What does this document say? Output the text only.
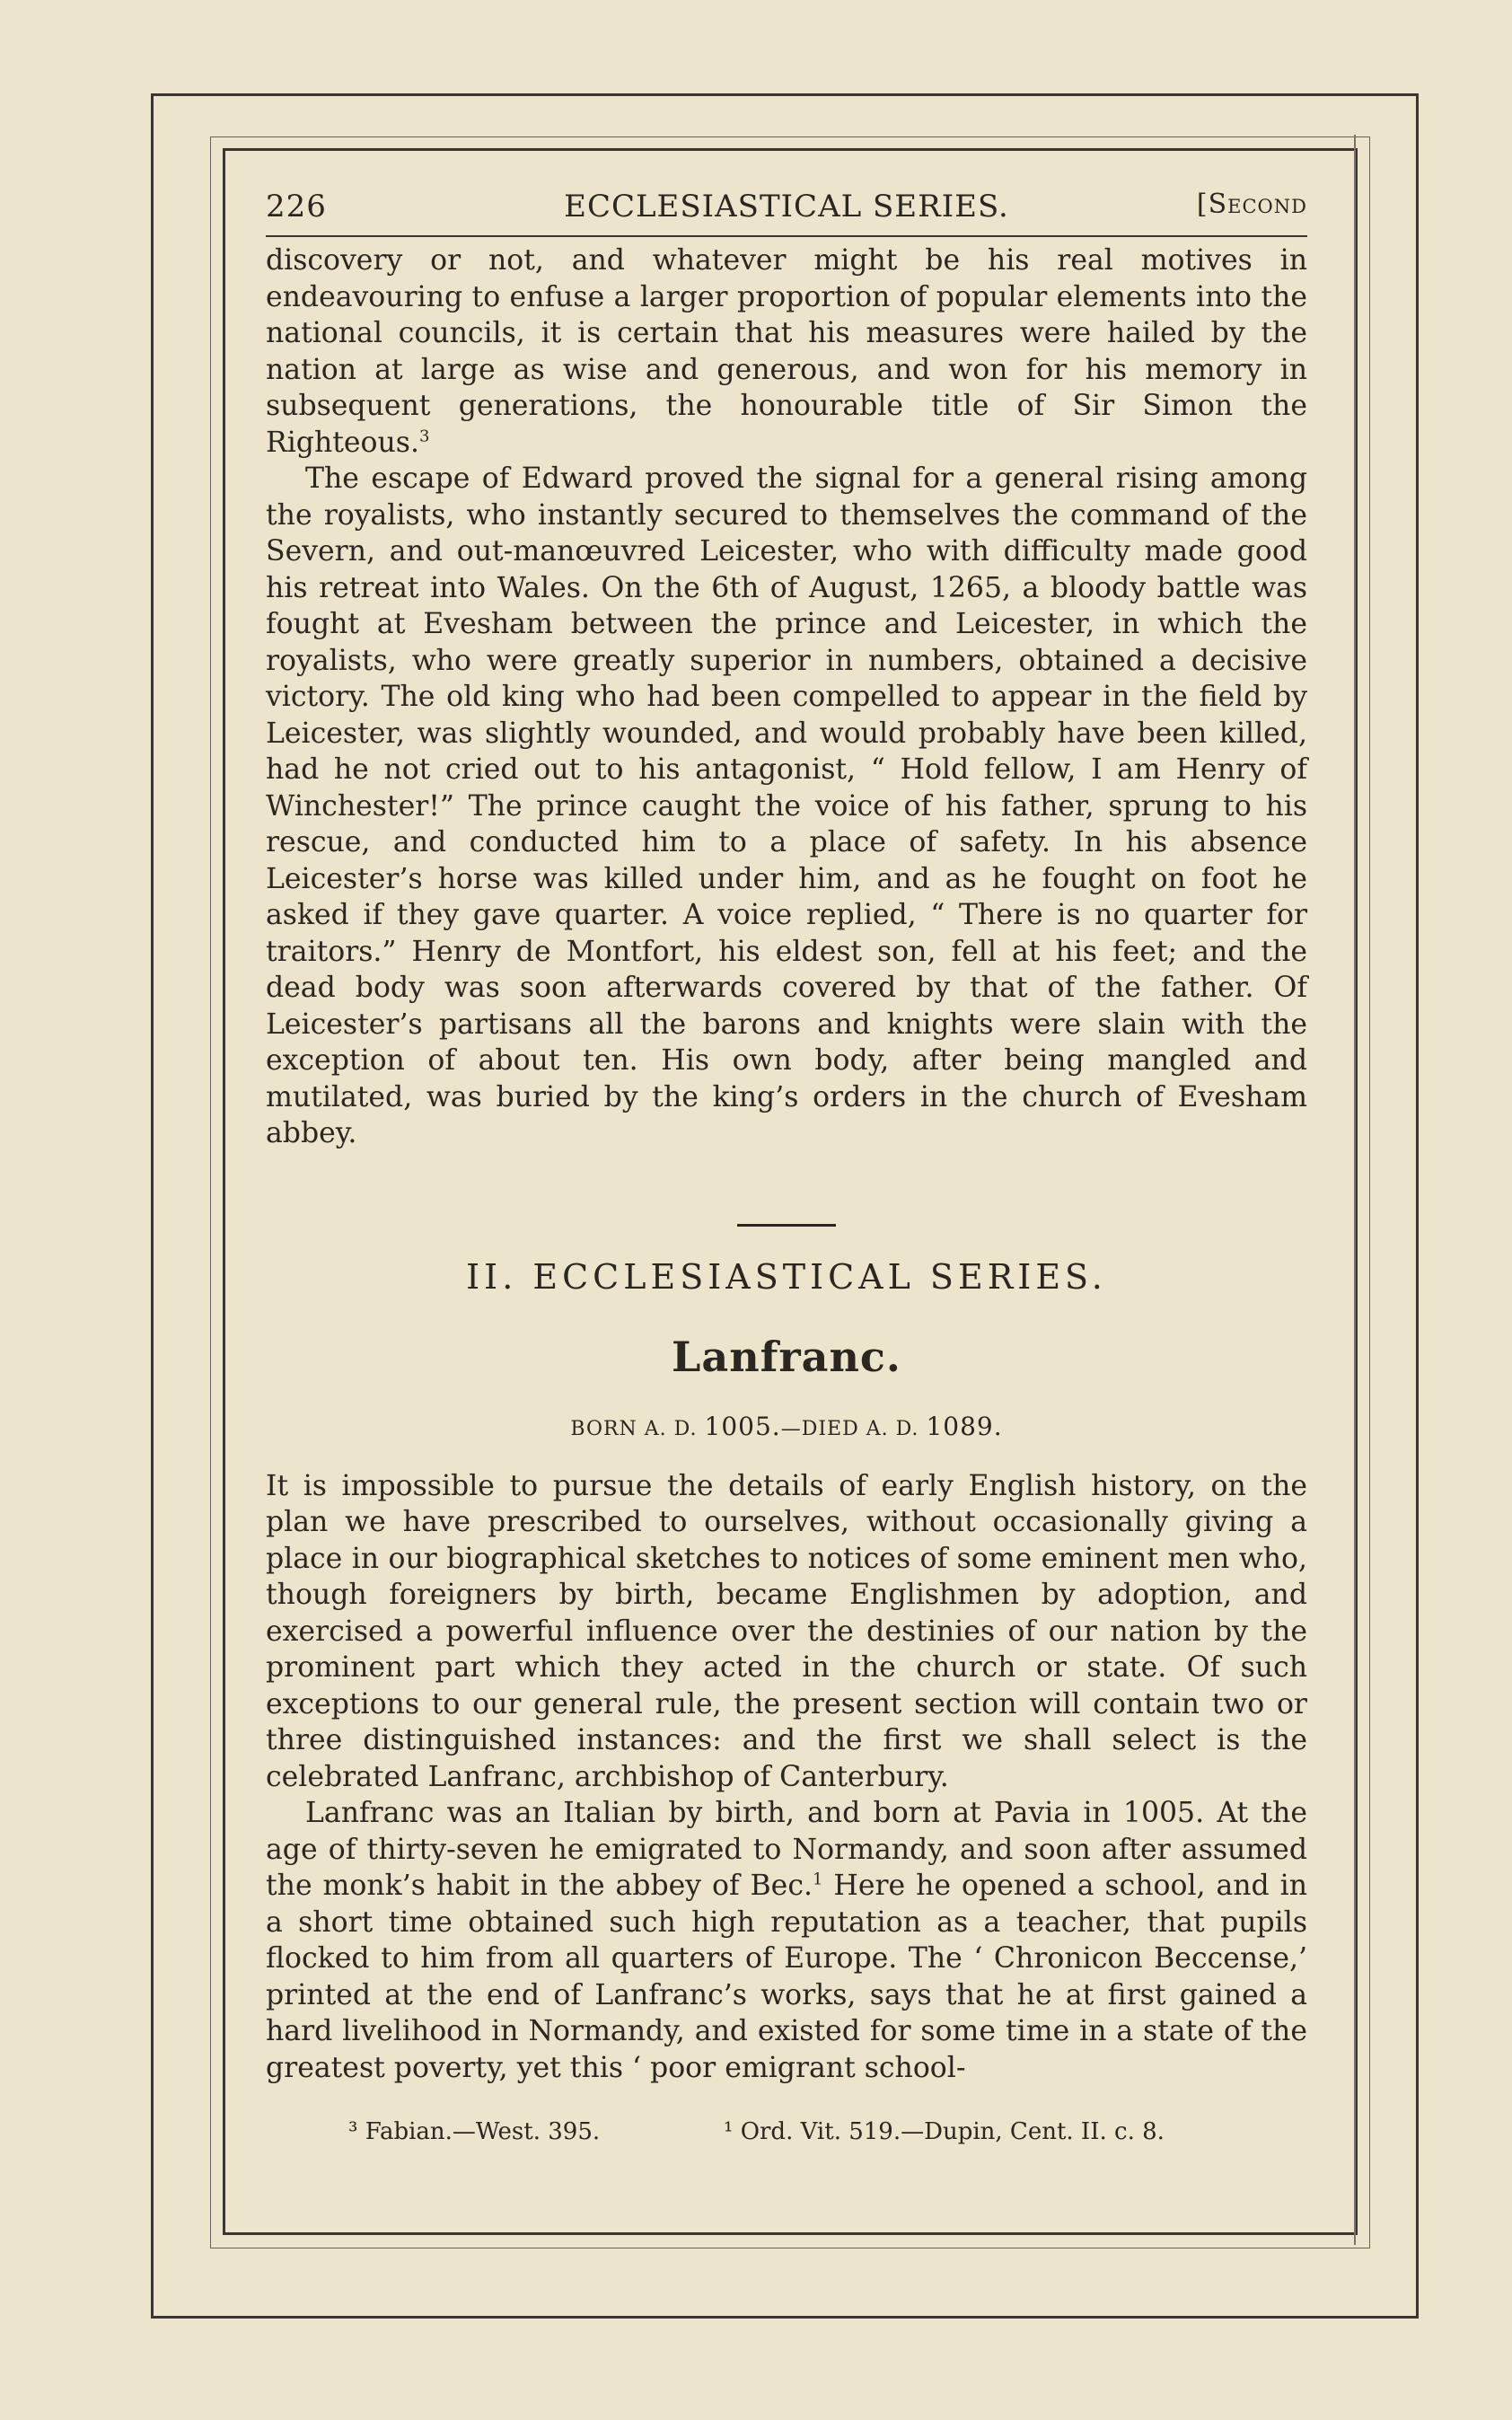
226	ECCLESIASTICAL SERIES.	[Second

discovery or not, and whatever might be his real motives in endeavouring to enfuse a larger proportion of popular elements into the national councils, it is certain that his measures were hailed by the nation at large as wise and generous, and won for his memory in subsequent generations, the honourable title of Sir Simon the Righteous.$^3$

The escape of Edward proved the signal for a general rising among the royalists, who instantly secured to themselves the command of the Severn, and out-manœuvred Leicester, who with difficulty made good his retreat into Wales. On the 6th of August, 1265, a bloody battle was fought at Evesham between the prince and Leicester, in which the royalists, who were greatly superior in numbers, obtained a decisive victory. The old king who had been compelled to appear in the field by Leicester, was slightly wounded, and would probably have been killed, had he not cried out to his antagonist, “ Hold fellow, I am Henry of Winchester!” The prince caught the voice of his father, sprung to his rescue, and conducted him to a place of safety. In his absence Leicester’s horse was killed under him, and as he fought on foot he asked if they gave quarter. A voice replied, “ There is no quarter for traitors.” Henry de Montfort, his eldest son, fell at his feet; and the dead body was soon afterwards covered by that of the father. Of Leicester’s partisans all the barons and knights were slain with the exception of about ten. His own body, after being mangled and mutilated, was buried by the king’s orders in the church of Evesham abbey.

II. ECCLESIASTICAL SERIES.
Lanfranc.
BORN A. D. 1005.—DIED A. D. 1089.

It is impossible to pursue the details of early English history, on the plan we have prescribed to ourselves, without occasionally giving a place in our biographical sketches to notices of some eminent men who, though foreigners by birth, became Englishmen by adoption, and exercised a powerful influence over the destinies of our nation by the prominent part which they acted in the church or state. Of such exceptions to our general rule, the present section will contain two or three distinguished instances: and the first we shall select is the celebrated Lanfranc, archbishop of Canterbury.

Lanfranc was an Italian by birth, and born at Pavia in 1005. At the age of thirty-seven he emigrated to Normandy, and soon after assumed the monk’s habit in the abbey of Bec.$^1$ Here he opened a school, and in a short time obtained such high reputation as a teacher, that pupils flocked to him from all quarters of Europe. The ‘ Chronicon Beccense,’ printed at the end of Lanfranc’s works, says that he at first gained a hard livelihood in Normandy, and existed for some time in a state of the greatest poverty, yet this ‘ poor emigrant school-

³ Fabian.—West. 395.	¹ Ord. Vit. 519.—Dupin, Cent. II. c. 8.
